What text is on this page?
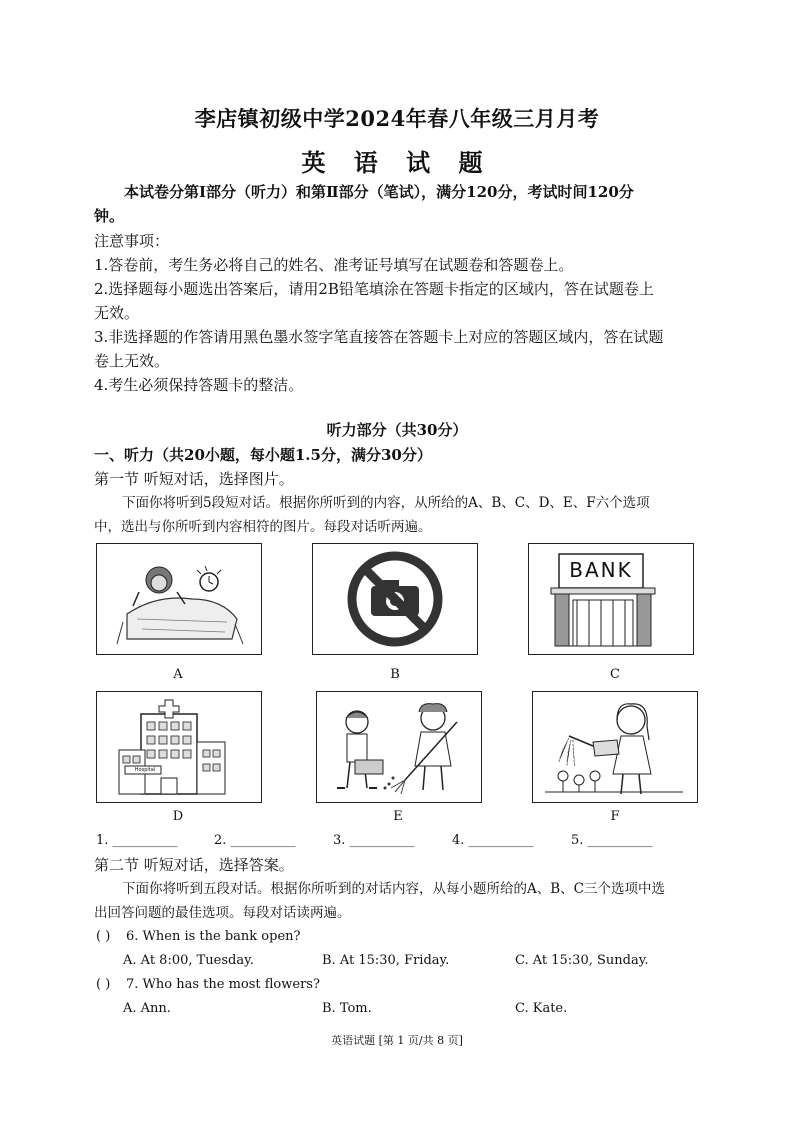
李店镇初级中学2024年春八年级三月月考
英 语 试 题
本试卷分第Ⅰ部分（听力）和第Ⅱ部分（笔试），满分120分，考试时间120分
钟。
注意事项：
1.答卷前，考生务必将自己的姓名、准考证号填写在试题卷和答题卷上。
2.选择题每小题选出答案后，请用2B铅笔填涂在答题卡指定的区域内，答在试题卷上
无效。
3.非选择题的作答请用黑色墨水签字笔直接答在答题卡上对应的答题区域内，答在试题
卷上无效。
4.考生必须保持答题卡的整洁。
听力部分（共30分）
一、听力（共20小题，每小题1.5分，满分30分）
第一节 听短对话，选择图片。
下面你将听到5段短对话。根据你所听到的内容，从所给的A、B、C、D、E、F六个选项
中，选出与你所听到内容相符的图片。每段对话听两遍。
BANK
A	B	C
Hospital
D	E	F
1. __________	2. __________	3. __________	4. __________	5. __________
第二节 听短对话，选择答案。
下面你将听到五段对话。根据你所听到的对话内容，从每小题所给的A、B、C三个选项中选
出回答问题的最佳选项。每段对话读两遍。
( ) 6. When is the bank open?
A. At 8:00, Tuesday.	B. At 15:30, Friday.	C. At 15:30, Sunday.
( ) 7. Who has the most flowers?
A. Ann.	B. Tom.	C. Kate.
英语试题 [第 1 页/共 8 页]
